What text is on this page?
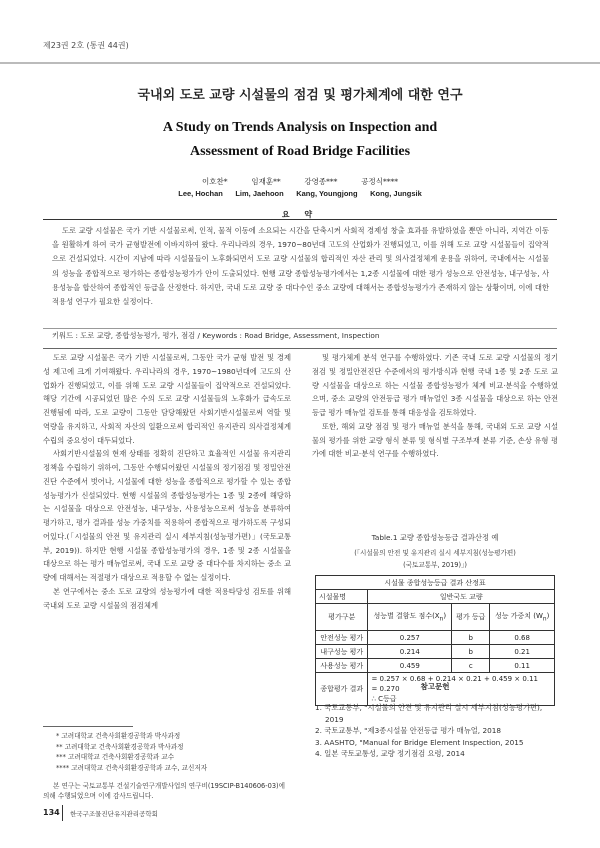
제23권 2호 (통권 44권)
국내외 도로 교량 시설물의 점검 및 평가체계에 대한 연구
A Study on Trends Analysis on Inspection and
Assessment of Road Bridge Facilities
이호찬*          임재훈**          강영종***          공정식****
Lee, Hochan      Lim, Jaehoon      Kang, Youngjong      Kong, Jungsik
요 약
도로 교량 시설물은 국가 기반 시설물로써, 인적, 물적 이동에 소요되는 시간을 단축시켜 사회적 경제성 창출 효과를 유발하였을 뿐만 아니라, 지역간 이동을 원활하게 하여 국가 균형발전에 이바지하여 왔다. 우리나라의 경우, 1970~80년대 고도의 산업화가 진행되었고, 이를 위해 도로 교량 시설물들이 집약적으로 건설되었다. 시간이 지남에 따라 시설물들이 노후화되면서 도로 교량 시설물의 합리적인 자산 관리 및 의사결정체계 운용을 위하여, 국내에서는 시설물의 성능을 종합적으로 평가하는 종합성능평가가 안이 도출되었다. 현행 교량 종합성능평가에서는 1,2종 시설물에 대한 평가 성능으로 안전성능, 내구성능, 사용성능을 합산하여 종합적인 등급을 산정한다. 하지만, 국내 도로 교량 중 대다수인 중소 교량에 대해서는 종합성능평가가 존재하지 않는 상황이며, 이에 대한 적용성 연구가 필요한 실정이다.
키워드 : 도로 교량, 종합성능평가, 평가, 점검 / Keywords : Road Bridge, Assessment, Inspection

도로 교량 시설물은 국가 기반 시설물로써, 그동안 국가 균형 발전 및 경제성 제고에 크게 기여해왔다. 우리나라의 경우, 1970~1980년대에 고도의 산업화가 진행되었고, 이를 위해 도로 교량 시설물들이 집약적으로 건설되었다. 해당 기간에 시공되었던 많은 수의 도로 교량 시설물들의 노후화가 급속도로 진행됨에 따라, 도로 교량이 그동안 담당해왔던 사회기반시설물로써 역할 및 역량을 유지하고, 사회적 자산의 일환으로써 합리적인 유지관리 의사결정체계 수립의 중요성이 대두되었다.

사회기반시설물의 현재 상태를 정확히 진단하고 효율적인 시설물 유지관리 정책을 수립하기 위하여, 그동안 수행되어왔던 시설물의 정기점검 및 정밀안전진단 수준에서 벗어나, 시설물에 대한 성능을 종합적으로 평가할 수 있는 종합성능평가가 신설되었다. 현행 시설물의 종합성능평가는 1종 및 2종에 해당하는 시설물을 대상으로 안전성능, 내구성능, 사용성능으로써 성능을 분류하여 평가하고, 평가 결과를 성능 가중치를 적용하여 종합적으로 평가하도록 구성되어있다.(「시설물의 안전 및 유지관리 실시 세부지침(성능평가편)」(국토교통부, 2019)). 하지만 현행 시설물 종합성능평가의 경우, 1종 및 2종 시설물을 대상으로 하는 평가 매뉴얼로써, 국내 도로 교량 중 대다수를 차지하는 중소 교량에 대해서는 적절평가 대상으로 적용할 수 없는 실정이다.

본 연구에서는 중소 도로 교량의 성능평가에 대한 적용타당성 검토를 위해 국내외 도로 교량 시설물의 점검체계

* 고려대학교 건축사회환경공학과 박사과정
** 고려대학교 건축사회환경공학과 박사과정
*** 고려대학교 건축사회환경공학과 교수
**** 고려대학교 건축사회환경공학과 교수, 교신저자
본 연구는 국토교통부 건설기술연구개발사업의 연구비(19SCIP-B140606-03)에 의해 수행되었으며 이에 감사드립니다.

및 평가체계 분석 연구를 수행하였다. 기존 국내 도로 교량 시설물의 정기점검 및 정밀안전진단 수준에서의 평가방식과 현행 국내 1종 및 2종 도로 교량 시설물을 대상으로 하는 시설물 종합성능평가 체계 비교·분석을 수행하였으며, 중소 교량의 안전등급 평가 매뉴얼인 3종 시설물을 대상으로 하는 안전등급 평가 매뉴얼 검토를 통해 대응성을 검토하였다.

또한, 해외 교량 점검 및 평가 매뉴얼 분석을 통해, 국내외 도로 교량 시설물의 평가를 위한 교량 형식 분류 및 형식별 구조부재 분류 기준, 손상 유형 평가에 대한 비교·분석 연구를 수행하였다.

Table.1 교량 종합성능등급 결과산정 예
(「시설물의 안전 및 유지관리 실시 세부지침(성능평가편)
(국토교통부, 2019)」)
시설물 종합성능등급 결과 산정표			
시설물명	일반국도 교량		
평가구분	성능별 결함도 점수$(X_n)$	평가 등급	성능 가중치 $(W_n)$
안전성능 평가	0.257	b	0.68
내구성능 평가	0.214	b	0.21
사용성능 평가	0.459	c	0.11
종합평가 결과	= 0.257 × 0.68 + 0.214 × 0.21 + 0.459 × 0.11
= 0.270
∴ C등급		
참고문헌
1. 국토교통부, "시설물의 안전 및 유지관리 실시 세부지침(성능평가편), 2019
2. 국토교통부, "제3종시설물 안전등급 평가 매뉴얼, 2018
3. AASHTO, "Manual for Bridge Element Inspection, 2015
4. 일본 국토교통성, 교량 정기점검 요령, 2014
134 한국구조물진단유지관리공학회
